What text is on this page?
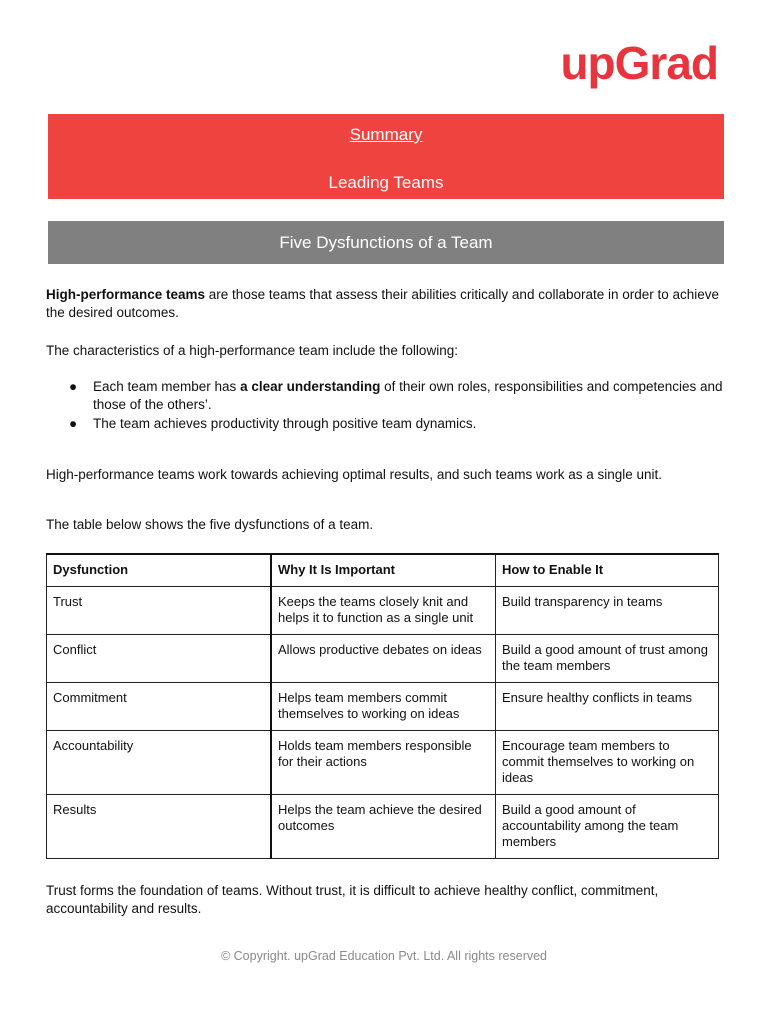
upGrad
Summary
Leading Teams
Five Dysfunctions of a Team
High-performance teams are those teams that assess their abilities critically and collaborate in order to achieve the desired outcomes.
The characteristics of a high-performance team include the following:
● Each team member has a clear understanding of their own roles, responsibilities and competencies and those of the others’.
● The team achieves productivity through positive team dynamics.
High-performance teams work towards achieving optimal results, and such teams work as a single unit.
The table below shows the five dysfunctions of a team.
Dysfunction	Why It Is Important	How to Enable It
Trust	Keeps the teams closely knit and helps it to function as a single unit	Build transparency in teams
Conflict	Allows productive debates on ideas	Build a good amount of trust among the team members
Commitment	Helps team members commit themselves to working on ideas	Ensure healthy conflicts in teams
Accountability	Holds team members responsible for their actions	Encourage team members to commit themselves to working on ideas
Results	Helps the team achieve the desired outcomes	Build a good amount of accountability among the team members
Trust forms the foundation of teams. Without trust, it is difficult to achieve healthy conflict, commitment, accountability and results.
© Copyright. upGrad Education Pvt. Ltd. All rights reserved
